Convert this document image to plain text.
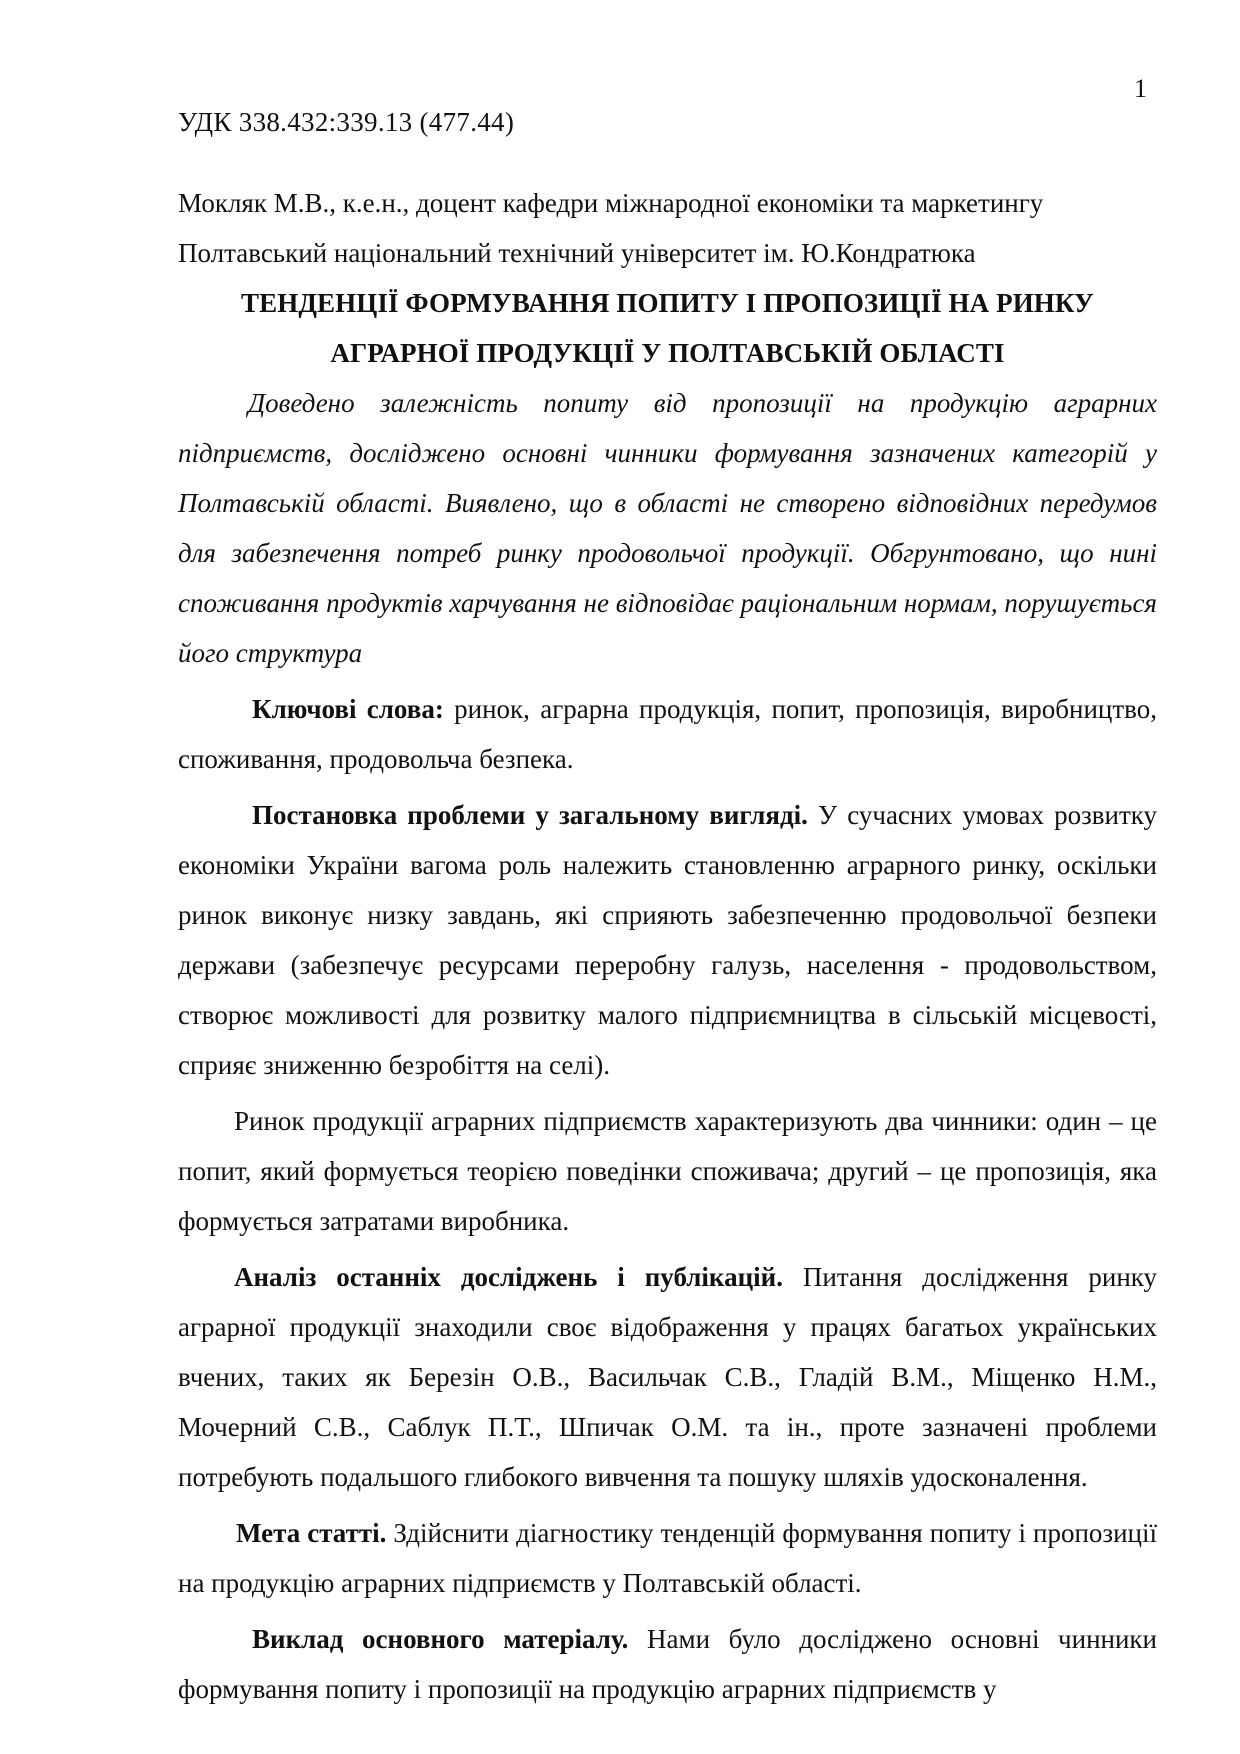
1

УДК 338.432:339.13 (477.44)

Мокляк М.В., к.е.н., доцент кафедри міжнародної економіки та маркетингу

Полтавський національний технічний університет ім. Ю.Кондратюка

ТЕНДЕНЦІЇ ФОРМУВАННЯ ПОПИТУ І ПРОПОЗИЦІЇ НА РИНКУ

АГРАРНОЇ ПРОДУКЦІЇ У ПОЛТАВСЬКІЙ ОБЛАСТІ

Доведено залежність попиту від пропозиції на продукцію аграрних підприємств, досліджено основні чинники формування зазначених категорій у Полтавській області. Виявлено, що в області не створено відповідних передумов для забезпечення потреб ринку продовольчої продукції. Обгрунтовано, що нині споживання продуктів харчування не відповідає раціональним нормам, порушується його структура

Ключові слова: ринок, аграрна продукція, попит, пропозиція, виробництво, споживання, продовольча безпека.

Постановка проблеми у загальному вигляді. У сучасних умовах розвитку економіки України вагома роль належить становленню аграрного ринку, оскільки ринок виконує низку завдань, які сприяють забезпеченню продовольчої безпеки держави (забезпечує ресурсами переробну галузь, населення - продовольством, створює можливості для розвитку малого підприємництва в сільській місцевості, сприяє зниженню безробіття на селі).

Ринок продукції аграрних підприємств характеризують два чинники: один – це попит, який формується теорією поведінки споживача; другий – це пропозиція, яка формується затратами виробника.

Аналіз останніх досліджень і публікацій. Питання дослідження ринку аграрної продукції знаходили своє відображення у працях багатьох українських вчених, таких як Березін О.В., Васильчак С.В., Гладій В.М., Міщенко Н.М., Мочерний С.В., Саблук П.Т., Шпичак О.М. та ін., проте зазначені проблеми потребують подальшого глибокого вивчення та пошуку шляхів удосконалення.

Мета статті. Здійснити діагностику тенденцій формування попиту і пропозиції на продукцію аграрних підприємств у Полтавській області.

Виклад основного матеріалу. Нами було досліджено основні чинники формування попиту і пропозиції на продукцію аграрних підприємств у
